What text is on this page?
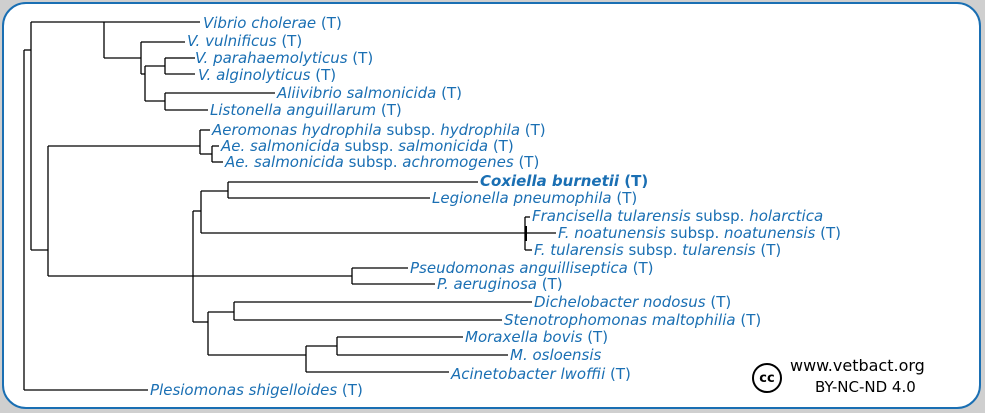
Vibrio cholerae (T)
V. vulnificus (T)
V. parahaemolyticus (T)
V. alginolyticus (T)
Aliivibrio salmonicida (T)
Listonella anguillarum (T)
Aeromonas hydrophila subsp. hydrophila (T)
Ae. salmonicida subsp. salmonicida (T)
Ae. salmonicida subsp. achromogenes (T)
Coxiella burnetii (T)
Legionella pneumophila (T)
Francisella tularensis subsp. holarctica
F. noatunensis subsp. noatunensis (T)
F. tularensis subsp. tularensis (T)
Pseudomonas anguilliseptica (T)
P. aeruginosa (T)
Dichelobacter nodosus (T)
Stenotrophomonas maltophilia (T)
Moraxella bovis (T)
M. osloensis
Acinetobacter lwoffii (T)
Plesiomonas shigelloides (T)
cc
www.vetbact.org
BY-NC-ND 4.0
